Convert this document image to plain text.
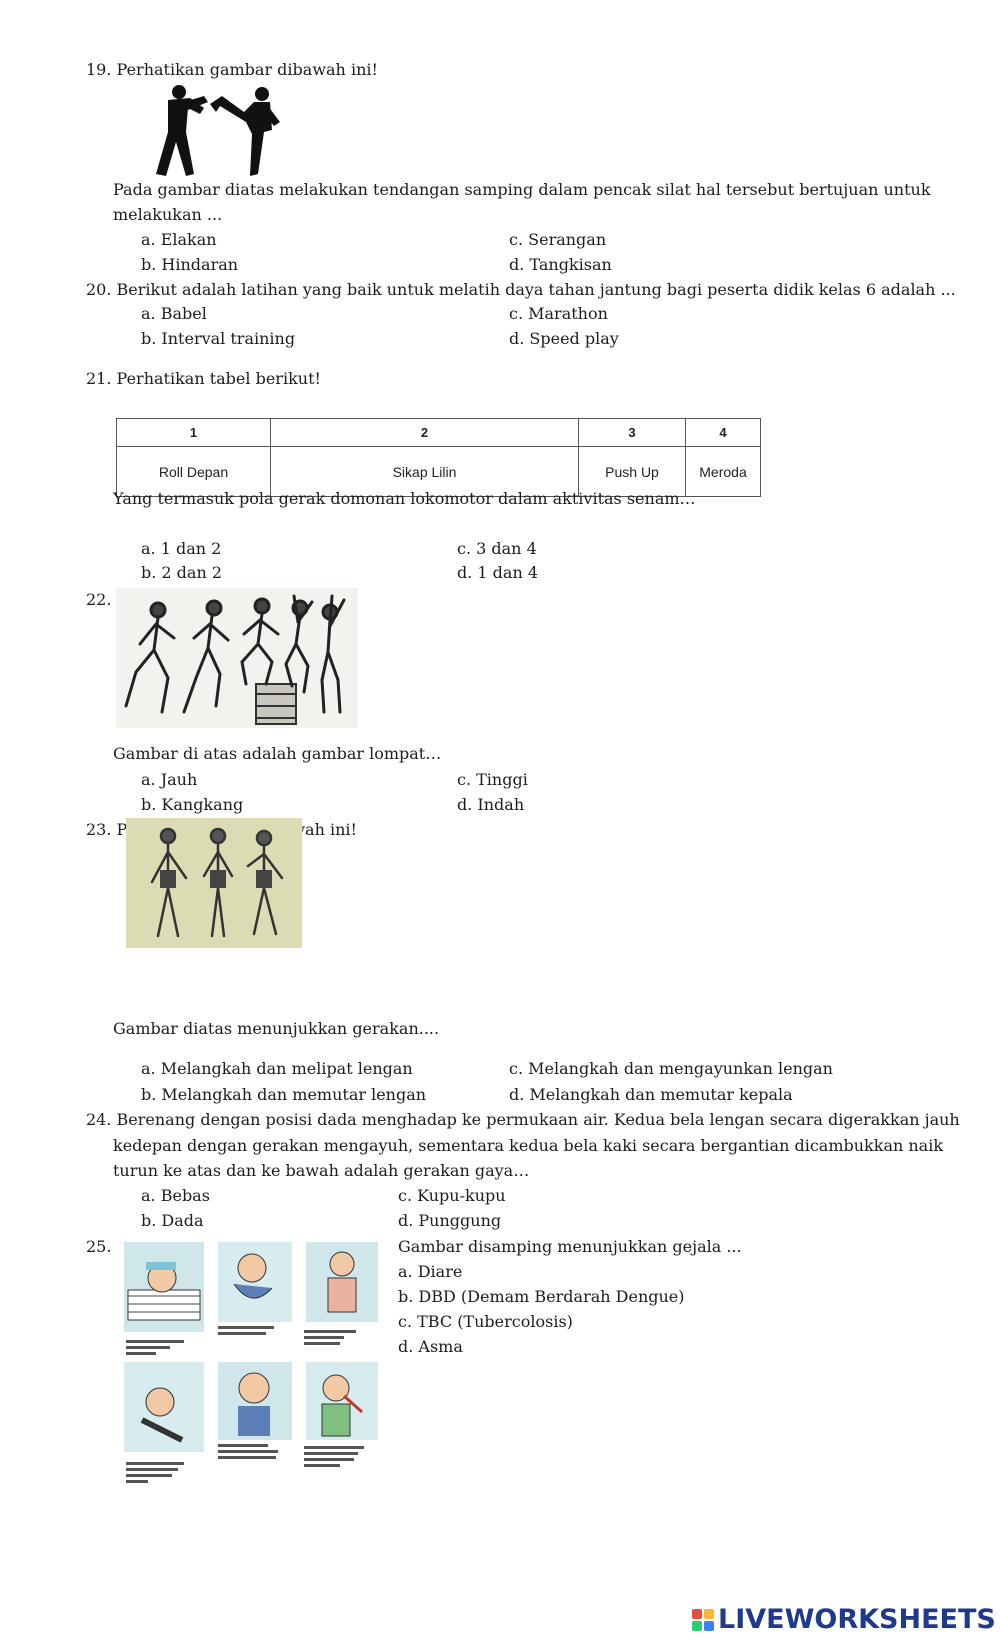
19. Perhatikan gambar dibawah ini!
Pada gambar diatas melakukan tendangan samping dalam pencak silat hal tersebut bertujuan untuk
melakukan ...
a. Elakan	c. Serangan
b. Hindaran	d. Tangkisan
20. Berikut adalah latihan yang baik untuk melatih daya tahan jantung bagi peserta didik kelas 6 adalah ...
a. Babel	c. Marathon
b. Interval training	d. Speed play
21. Perhatikan tabel berikut!
1	2	3	4
Roll Depan	Sikap Lilin	Push Up	Meroda
Yang termasuk pola gerak domonan lokomotor dalam aktivitas senam…
a. 1 dan 2	c. 3 dan 4
b. 2 dan 2	d. 1 dan 4
22.
Gambar di atas adalah gambar lompat…
a. Jauh	c. Tinggi
b. Kangkang	d. Indah
23. P	vah ini!
Gambar diatas menunjukkan gerakan....
a. Melangkah dan melipat lengan	c. Melangkah dan mengayunkan lengan
b. Melangkah dan memutar lengan	d. Melangkah dan memutar kepala
24. Berenang dengan posisi dada menghadap ke permukaan air. Kedua bela lengan secara digerakkan jauh
kedepan dengan gerakan mengayuh, sementara kedua bela kaki secara bergantian dicambukkan naik
turun ke atas dan ke bawah adalah gerakan gaya…
a. Bebas	c. Kupu-kupu
b. Dada	d. Punggung
25.	Gambar disamping menunjukkan gejala ...
a. Diare
b. DBD (Demam Berdarah Dengue)
c. TBC (Tubercolosis)
d. Asma
LIVEWORKSHEETS
